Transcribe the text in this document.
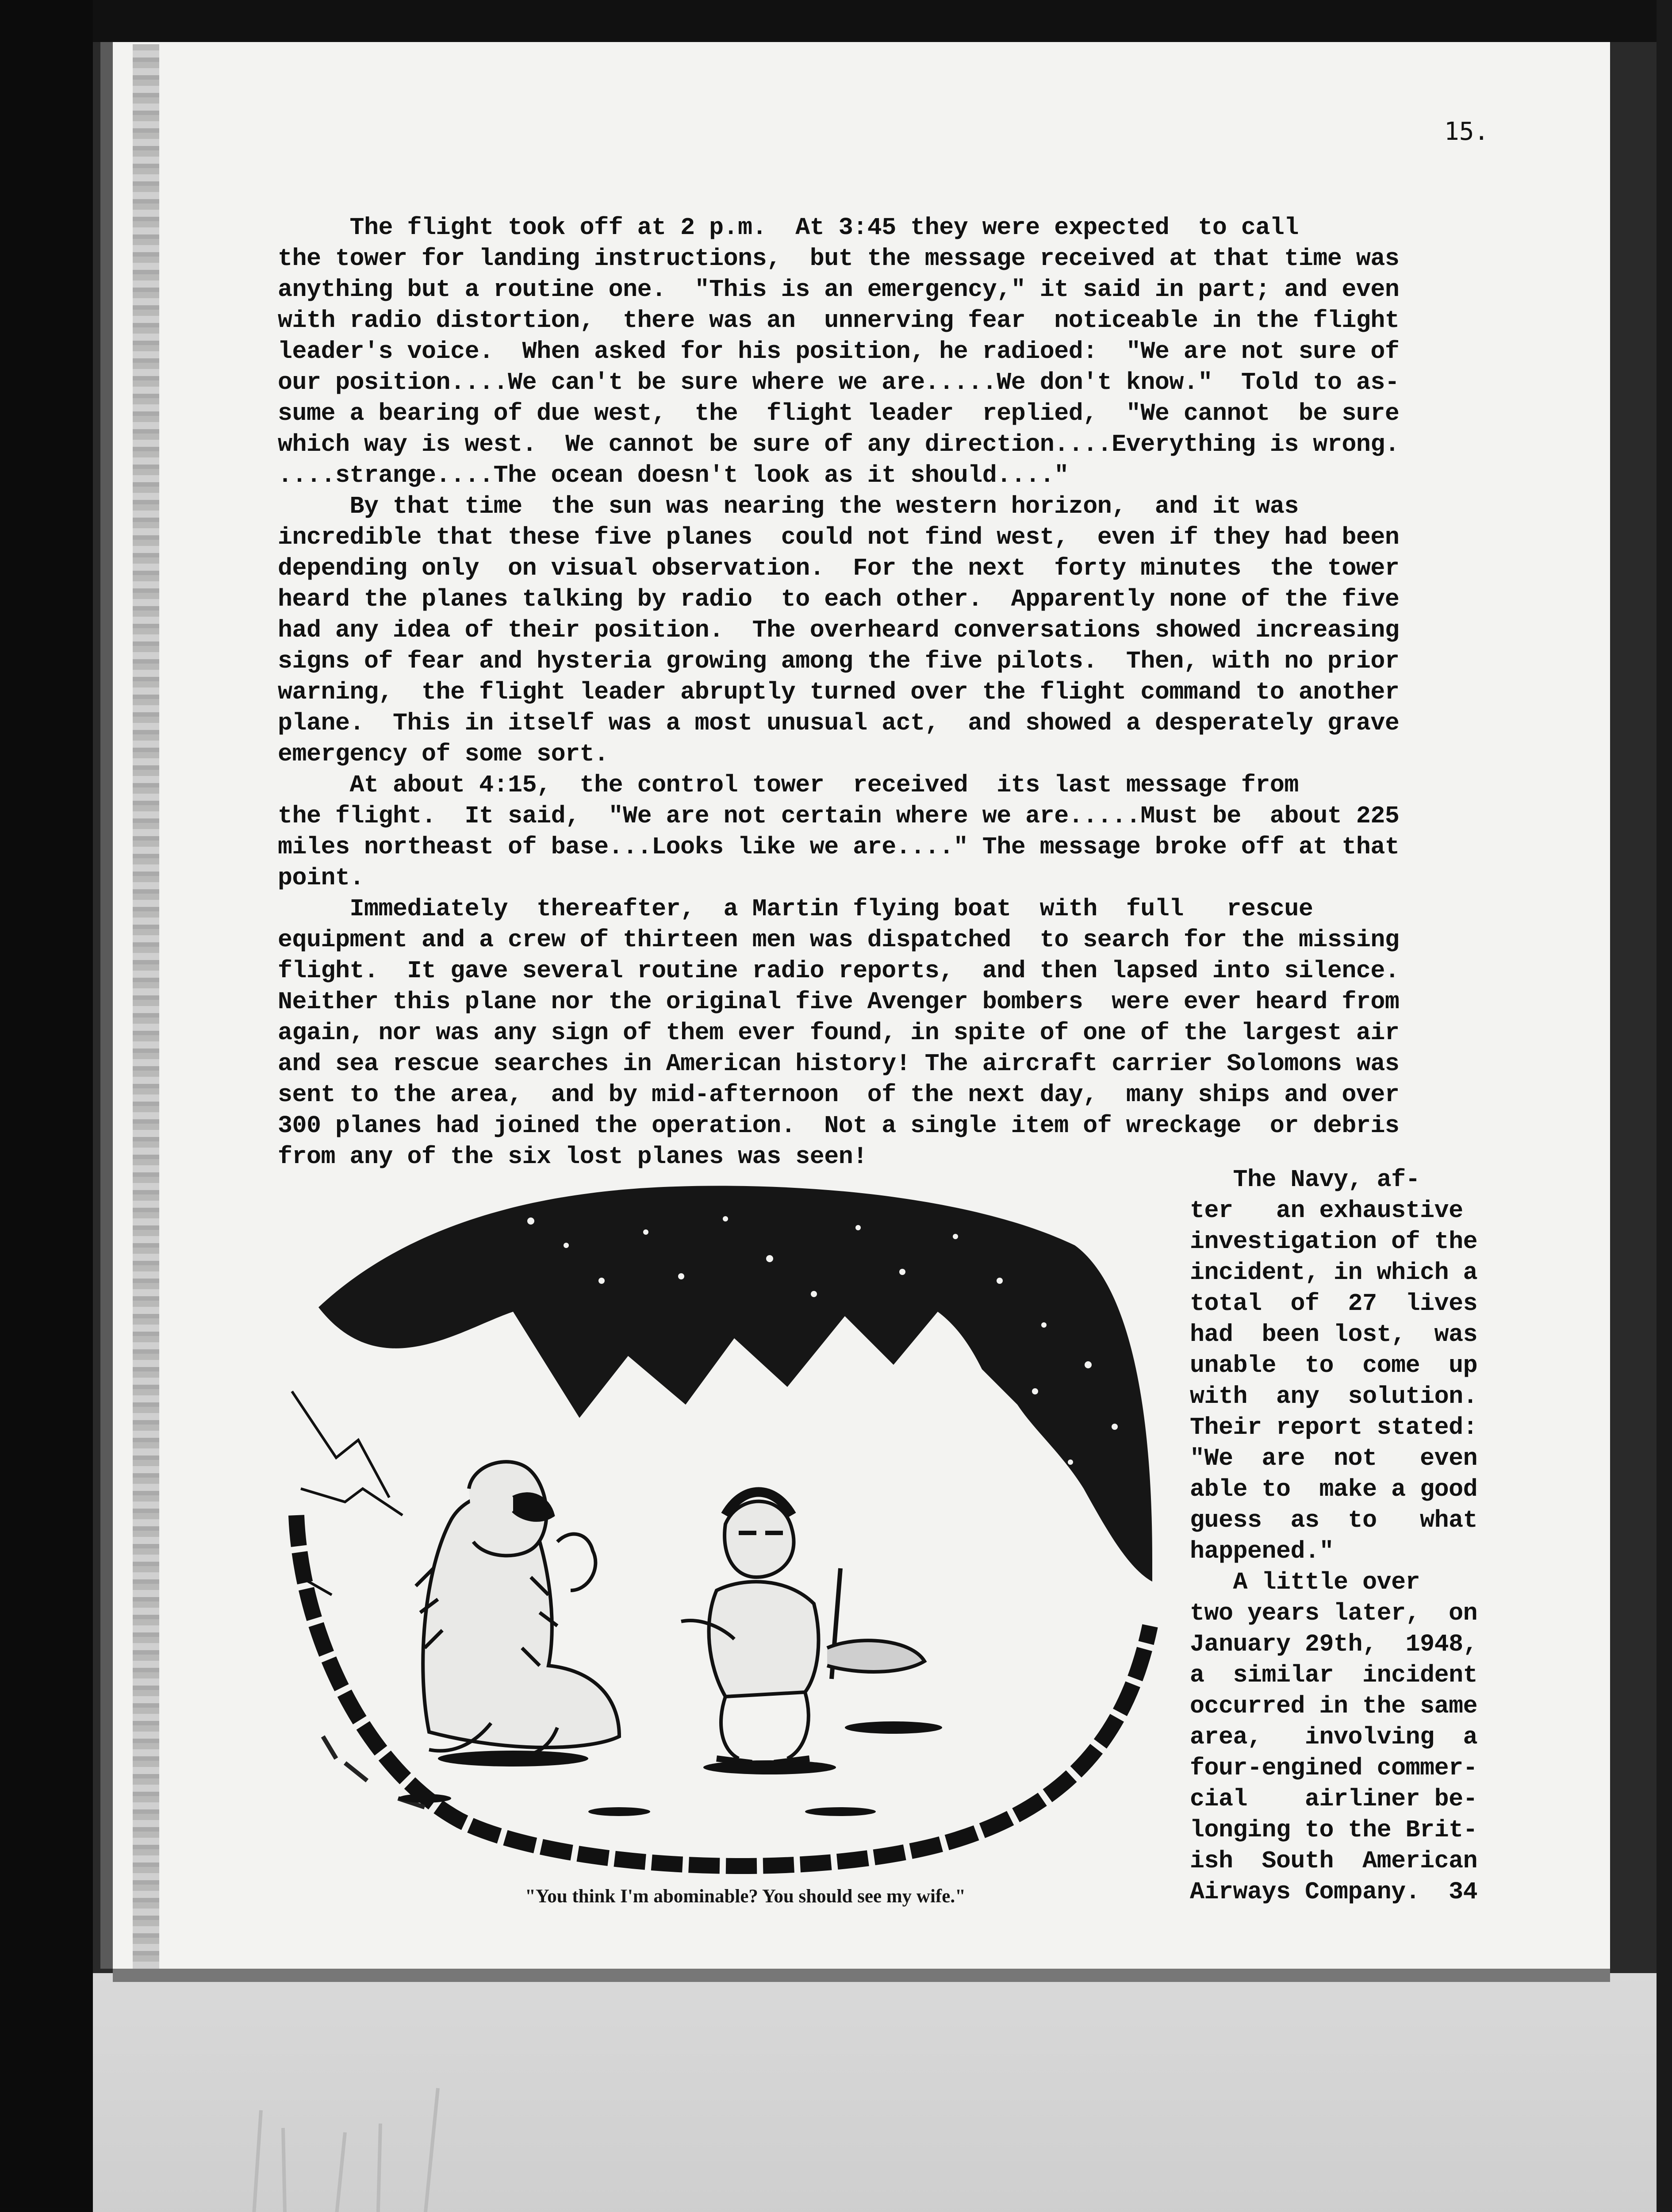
15.
The flight took off at 2 p.m.  At 3:45 they were expected  to call
the tower for landing instructions,  but the message received at that time was
anything but a routine one.  "This is an emergency," it said in part; and even
with radio distortion,  there was an  unnerving fear  noticeable in the flight
leader's voice.  When asked for his position, he radioed:  "We are not sure of
our position....We can't be sure where we are.....We don't know."  Told to as-
sume a bearing of due west,  the  flight leader  replied,  "We cannot  be sure
which way is west.  We cannot be sure of any direction....Everything is wrong.
....strange....The ocean doesn't look as it should...."
By that time  the sun was nearing the western horizon,  and it was
incredible that these five planes  could not find west,  even if they had been
depending only  on visual observation.  For the next  forty minutes  the tower
heard the planes talking by radio  to each other.  Apparently none of the five
had any idea of their position.  The overheard conversations showed increasing
signs of fear and hysteria growing among the five pilots.  Then, with no prior
warning,  the flight leader abruptly turned over the flight command to another
plane.  This in itself was a most unusual act,  and showed a desperately grave
emergency of some sort.
At about 4:15,  the control tower  received  its last message from
the flight.  It said,  "We are not certain where we are.....Must be  about 225
miles northeast of base...Looks like we are...." The message broke off at that
point.
Immediately  thereafter,  a Martin flying boat  with  full   rescue
equipment and a crew of thirteen men was dispatched  to search for the missing
flight.  It gave several routine radio reports,  and then lapsed into silence.
Neither this plane nor the original five Avenger bombers  were ever heard from
again, nor was any sign of them ever found, in spite of one of the largest air
and sea rescue searches in American history! The aircraft carrier Solomons was
sent to the area,  and by mid-afternoon  of the next day,  many ships and over
300 planes had joined the operation.  Not a single item of wreckage  or debris
from any of the six lost planes was seen!
"You think I'm abominable? You should see my wife."
The Navy, af-
ter   an exhaustive
investigation of the
incident, in which a
total  of  27  lives
had  been lost,  was
unable  to  come  up
with  any  solution.
Their report stated:
"We  are  not   even
able to  make a good
guess  as  to   what
happened."
A little over
two years later,  on
January 29th,  1948,
a  similar  incident
occurred in the same
area,   involving  a
four-engined commer-
cial    airliner be-
longing to the Brit-
ish  South  American
Airways Company.  34
